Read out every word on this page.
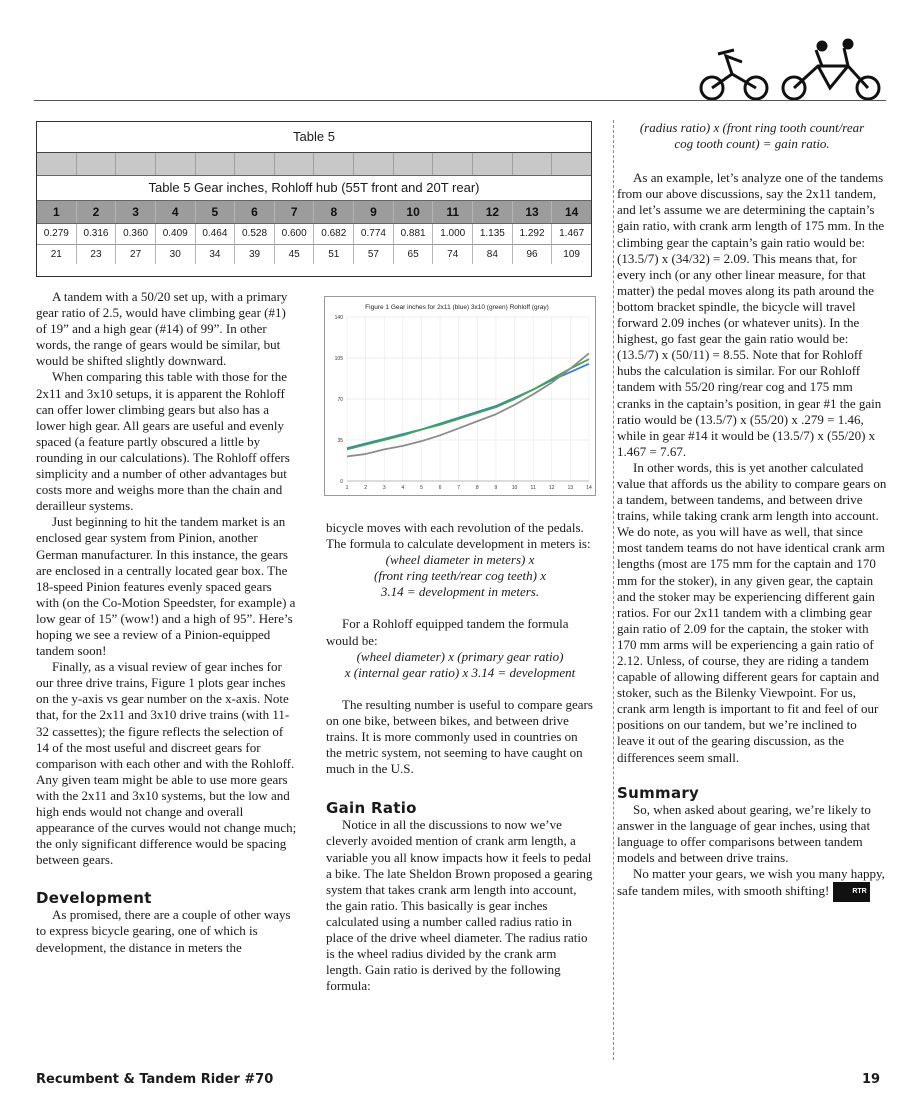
Table 5
Table 5 Gear inches, Rohloff hub (55T front and 20T rear)
1	2	3	4	5	6	7	8	9	10	11	12	13	14
0.279	0.316	0.360	0.409	0.464	0.528	0.600	0.682	0.774	0.881	1.000	1.135	1.292	1.467
21	23	27	30	34	39	45	51	57	65	74	84	96	109

A tandem with a 50/20 set up, with a primary gear ratio of 2.5, would have climbing gear (#1) of 19” and a high gear (#14) of 99”. In other words, the range of gears would be similar, but would be shifted slightly downward.

When comparing this table with those for the 2x11 and 3x10 setups, it is apparent the Rohloff can offer lower climbing gears but also has a lower high gear. All gears are useful and evenly spaced (a feature partly obscured a little by rounding in our calculations). The Rohloff offers simplicity and a number of other advantages but costs more and weighs more than the chain and derailleur systems.

Just beginning to hit the tandem market is an enclosed gear system from Pinion, another German manufacturer. In this instance, the gears are enclosed in a centrally located gear box. The 18-speed Pinion features evenly spaced gears with (on the Co-Motion Speedster, for example) a low gear of 15” (wow!) and a high of 95”. Here’s hoping we see a review of a Pinion-equipped tandem soon!

Finally, as a visual review of gear inches for our three drive trains, Figure 1 plots gear inches on the y-axis vs gear number on the x-axis. Note that, for the 2x11 and 3x10 drive trains (with 11-32 cassettes); the figure reflects the selection of 14 of the most useful and discreet gears for comparison with each other and with the Rohloff. Any given team might be able to use more gears with the 2x11 and 3x10 systems, but the low and high ends would not change and overall appearance of the curves would not change much; the only significant difference would be spacing between gears.

Development

As promised, there are a couple of other ways to express bicycle gearing, one of which is development, the distance in meters the

Figure 1 Gear inches for 2x11 (blue) 3x10 (green) Rohloff (gray)
0
35
70
105
140
1	2	3	4	5	6	7	8	9	10	11	12	13	14

bicycle moves with each revolution of the pedals. The formula to calculate development in meters is:

(wheel diameter in meters) x

(front ring teeth/rear cog teeth) x

3.14 = development in meters.

For a Rohloff equipped tandem the formula would be:

(wheel diameter) x (primary gear ratio)

x (internal gear ratio) x 3.14 = development

The resulting number is useful to compare gears on one bike, between bikes, and between drive trains. It is more commonly used in countries on the metric system, not seeming to have caught on much in the U.S.

Gain Ratio

Notice in all the discussions to now we’ve cleverly avoided mention of crank arm length, a variable you all know impacts how it feels to pedal a bike. The late Sheldon Brown proposed a gearing system that takes crank arm length into account, the gain ratio. This basically is gear inches calculated using a number called radius ratio in place of the drive wheel diameter. The radius ratio is the wheel radius divided by the crank arm length. Gain ratio is derived by the following formula:

(radius ratio) x (front ring tooth count/rear

cog tooth count) = gain ratio.

As an example, let’s analyze one of the tandems from our above discussions, say the 2x11 tandem, and let’s assume we are determining the captain’s gain ratio, with crank arm length of 175 mm. In the climbing gear the captain’s gain ratio would be: (13.5/7) x (34/32) = 2.09. This means that, for every inch (or any other linear measure, for that matter) the pedal moves along its path around the bottom bracket spindle, the bicycle will travel forward 2.09 inches (or whatever units). In the highest, go fast gear the gain ratio would be: (13.5/7) x (50/11) = 8.55. Note that for Rohloff hubs the calculation is similar. For our Rohloff tandem with 55/20 ring/rear cog and 175 mm cranks in the captain’s position, in gear #1 the gain ratio would be (13.5/7) x (55/20) x .279 = 1.46, while in gear #14 it would be (13.5/7) x (55/20) x 1.467 = 7.67.

In other words, this is yet another calculated value that affords us the ability to compare gears on a tandem, between tandems, and between drive trains, while taking crank arm length into account. We do note, as you will have as well, that since most tandem teams do not have identical crank arm lengths (most are 175 mm for the captain and 170 mm for the stoker), in any given gear, the captain and the stoker may be experiencing different gain ratios. For our 2x11 tandem with a climbing gear gain ratio of 2.09 for the captain, the stoker with 170 mm arms will be experiencing a gain ratio of 2.12. Unless, of course, they are riding a tandem capable of allowing different gears for captain and stoker, such as the Bilenky Viewpoint. For us, crank arm length is important to fit and feel of our positions on our tandem, but we’re inclined to leave it out of the gearing discussion, as the differences seem small.

Summary

So, when asked about gearing, we’re likely to answer in the language of gear inches, using that language to offer comparisons between tandem models and between drive trains.

No matter your gears, we wish you many happy, safe tandem miles, with smooth shifting!	RTR

Recumbent & Tandem Rider #70	19
